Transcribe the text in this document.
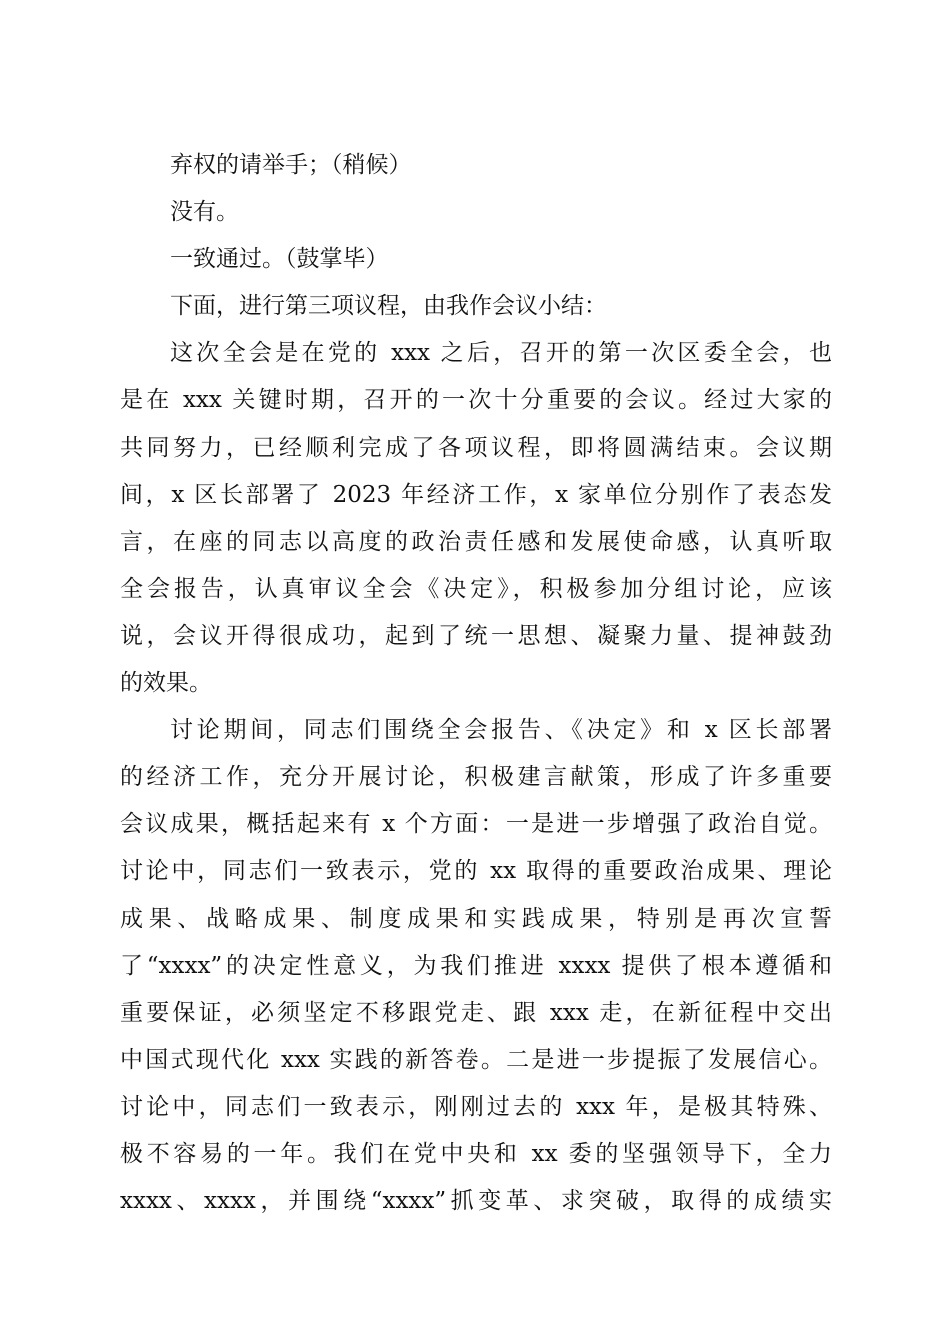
弃权的请举手；（稍候）
没有。
一致通过。（鼓掌毕）
下面，进行第三项议程，由我作会议小结：
这次全会是在党的 xxx 之后，召开的第一次区委全会，也
是在 xxx 关键时期，召开的一次十分重要的会议。经过大家的
共同努力，已经顺利完成了各项议程，即将圆满结束。会议期
间，x 区长部署了 2023 年经济工作，x 家单位分别作了表态发
言，在座的同志以高度的政治责任感和发展使命感，认真听取
全会报告，认真审议全会《决定》，积极参加分组讨论，应该
说，会议开得很成功，起到了统一思想、凝聚力量、提神鼓劲
的效果。
讨论期间，同志们围绕全会报告、《决定》和 x 区长部署
的经济工作，充分开展讨论，积极建言献策，形成了许多重要
会议成果，概括起来有 x 个方面：一是进一步增强了政治自觉。
讨论中，同志们一致表示，党的 xx 取得的重要政治成果、理论
成果、战略成果、制度成果和实践成果，特别是再次宣誓
了“xxxx”的决定性意义，为我们推进 xxxx 提供了根本遵循和
重要保证，必须坚定不移跟党走、跟 xxx 走，在新征程中交出
中国式现代化 xxx 实践的新答卷。二是进一步提振了发展信心。
讨论中，同志们一致表示，刚刚过去的 xxx 年，是极其特殊、
极不容易的一年。我们在党中央和 xx 委的坚强领导下，全力
xxxx、xxxx，并围绕“xxxx”抓变革、求突破，取得的成绩实
